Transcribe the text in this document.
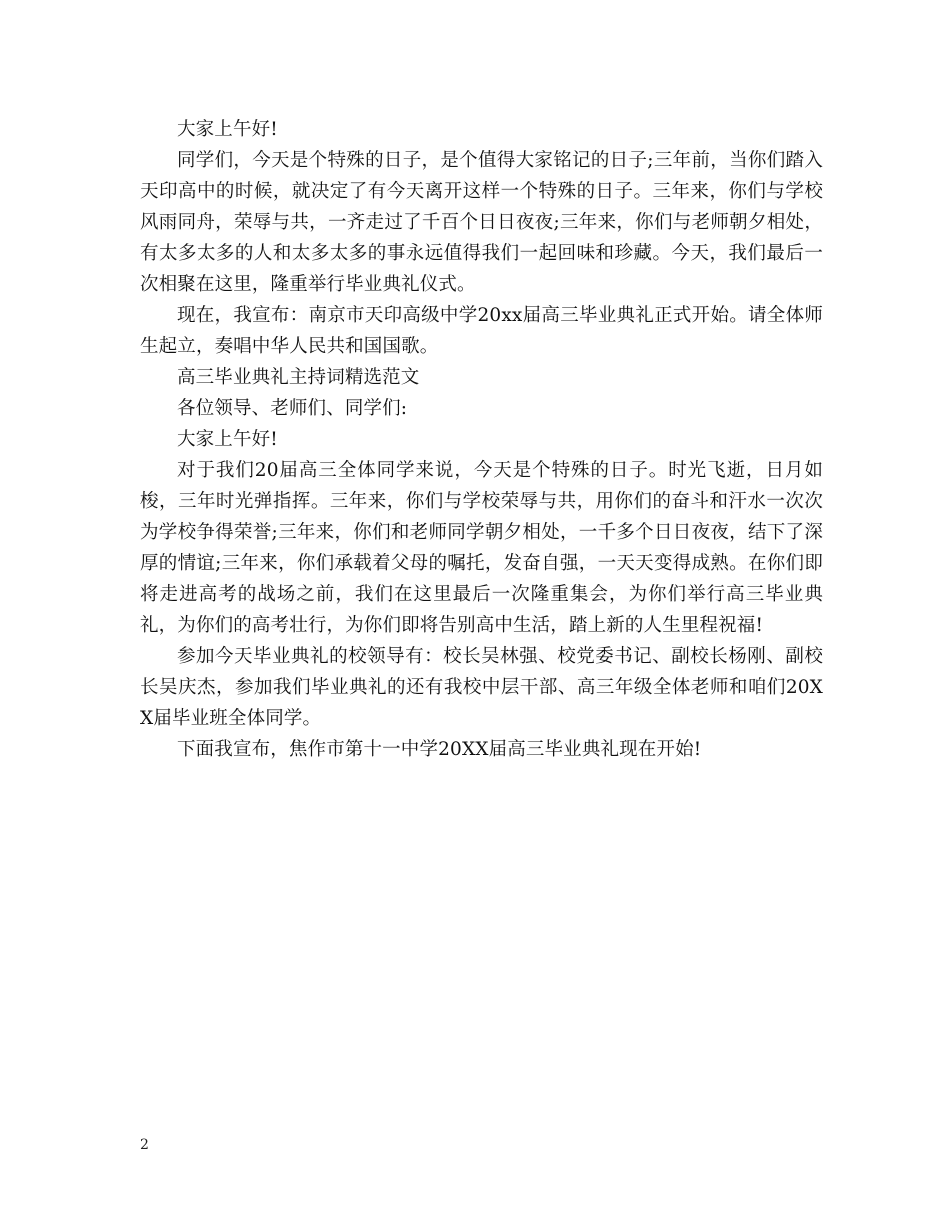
大家上午好!

同学们，今天是个特殊的日子，是个值得大家铭记的日子;三年前，当你们踏入天印高中的时候，就决定了有今天离开这样一个特殊的日子。三年来，你们与学校风雨同舟，荣辱与共，一齐走过了千百个日日夜夜;三年来，你们与老师朝夕相处，有太多太多的人和太多太多的事永远值得我们一起回味和珍藏。今天，我们最后一次相聚在这里，隆重举行毕业典礼仪式。

现在，我宣布：南京市天印高级中学20xx届高三毕业典礼正式开始。请全体师生起立，奏唱中华人民共和国国歌。

高三毕业典礼主持词精选范文

各位领导、老师们、同学们:

大家上午好!

对于我们20届高三全体同学来说，今天是个特殊的日子。时光飞逝，日月如梭，三年时光弹指挥。三年来，你们与学校荣辱与共，用你们的奋斗和汗水一次次为学校争得荣誉;三年来，你们和老师同学朝夕相处，一千多个日日夜夜，结下了深厚的情谊;三年来，你们承载着父母的嘱托，发奋自强，一天天变得成熟。在你们即将走进高考的战场之前，我们在这里最后一次隆重集会，为你们举行高三毕业典礼，为你们的高考壮行，为你们即将告别高中生活，踏上新的人生里程祝福!

参加今天毕业典礼的校领导有：校长吴林强、校党委书记、副校长杨刚、副校长吴庆杰，参加我们毕业典礼的还有我校中层干部、高三年级全体老师和咱们20XX届毕业班全体同学。

下面我宣布，焦作市第十一中学20XX届高三毕业典礼现在开始!

2
